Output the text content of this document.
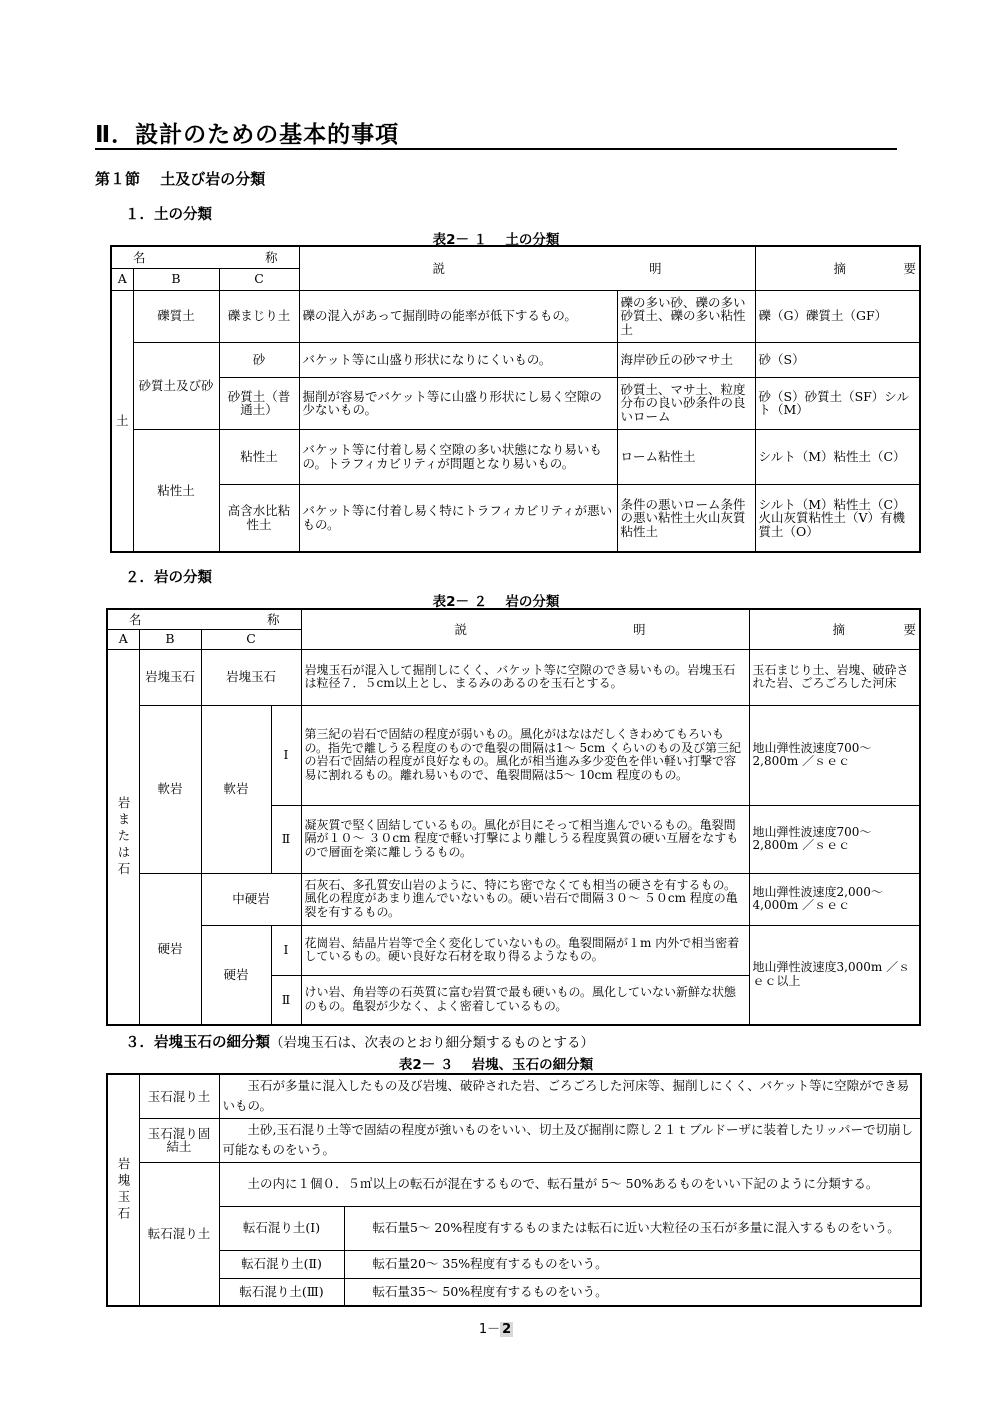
Ⅱ．設計のための基本的事項
第１節　 土及び岩の分類
１．土の分類
表2－ １　 土の分類
名 称			説 明		摘 要

A	B	C			
土	礫質土	礫まじり土	礫の混入があって掘削時の能率が低下するもの。	礫の多い砂、礫の多い砂質土、礫の多い粘性土	礫（G）礫質土（GF）
	砂質土及び砂	砂	バケット等に山盛り形状になりにくいもの。	海岸砂丘の砂マサ土	砂（S）
		砂質土（普通土）	掘削が容易でバケット等に山盛り形状にし易く空隙の少ないもの。	砂質土、マサ土、粒度分布の良い砂条件の良いローム	砂（S）砂質土（SF）シルト（M）
	粘性土	粘性土	バケット等に付着し易く空隙の多い状態になり易いもの。トラフィカビリティが問題となり易いもの。	ローム粘性土	シルト（M）粘性土（C）
		高含水比粘性土	バケット等に付着し易く特にトラフィカビリティが悪いもの。	条件の悪いローム条件の悪い粘性土火山灰質粘性土	シルト（M）粘性土（C）火山灰質粘性土（V）有機質土（O）
２．岩の分類
表2－ ２　 岩の分類
名 称				説 明	摘 要

A	B	C			

岩または石	岩塊玉石	岩塊玉石		岩塊玉石が混入して掘削しにくく、バケット等に空隙のでき易いもの。岩塊玉石は粒径７．５cm以上とし、まるみのあるのを玉石とする。	玉石まじり土、岩塊、破砕された岩、ごろごろした河床
	軟岩	軟岩	Ⅰ	第三紀の岩石で固結の程度が弱いもの。風化がはなはだしくきわめてもろいもの。指先で離しうる程度のもので亀裂の間隔は1～ 5cm くらいのもの及び第三紀の岩石で固結の程度が良好なもの。風化が相当進み多少変色を伴い軽い打撃で容易に割れるもの。離れ易いもので、亀裂間隔は5～ 10cm 程度のもの。	地山弾性波速度700～ 2,800m ／ｓｅｃ
			Ⅱ	凝灰質で堅く固結しているもの。風化が目にそって相当進んでいるもの。亀裂間隔が１０～ ３０cm 程度で軽い打撃により離しうる程度異質の硬い互層をなすもので層面を楽に離しうるもの。	地山弾性波速度700～ 2,800m ／ｓｅｃ
	硬岩	中硬岩		石灰石、多孔質安山岩のように、特にち密でなくても相当の硬さを有するもの。風化の程度があまり進んでいないもの。硬い岩石で間隔３０～ ５０cm 程度の亀裂を有するもの。	地山弾性波速度2,000～ 4,000m ／ｓｅｃ
		硬岩	Ⅰ	花崗岩、結晶片岩等で全く変化していないもの。亀裂間隔が１m 内外で相当密着しているもの。硬い良好な石材を取り得るようなもの。	地山弾性波速度3,000m ／ｓｅｃ以上
			Ⅱ	けい岩、角岩等の石英質に富む岩質で最も硬いもの。風化していない新鮮な状態のもの。亀裂が少なく、よく密着しているもの。	
３．岩塊玉石の細分類（岩塊玉石は、次表のとおり細分類するものとする）
表2－ ３　 岩塊、玉石の細分類
岩塊玉石	玉石混り土	玉石が多量に混入したもの及び岩塊、破砕された岩、ごろごろした河床等、掘削しにくく、バケット等に空隙ができ易いもの。	
	玉石混り固結土	土砂,玉石混り土等で固結の程度が強いものをいい、切土及び掘削に際し２１ｔブルドーザに装着したリッパーで切崩し可能なものをいう。	
	転石混り土	土の内に１個０．５㎥以上の転石が混在するもので、転石量が 5～ 50%あるものをいい下記のように分類する。	
		転石混り土(Ⅰ)	転石量5～ 20%程度有するものまたは転石に近い大粒径の玉石が多量に混入するものをいう。
		転石混り土(Ⅱ)	転石量20～ 35%程度有するものをいう。
		転石混り土(Ⅲ)	転石量35～ 50%程度有するものをいう。
1－ 2
